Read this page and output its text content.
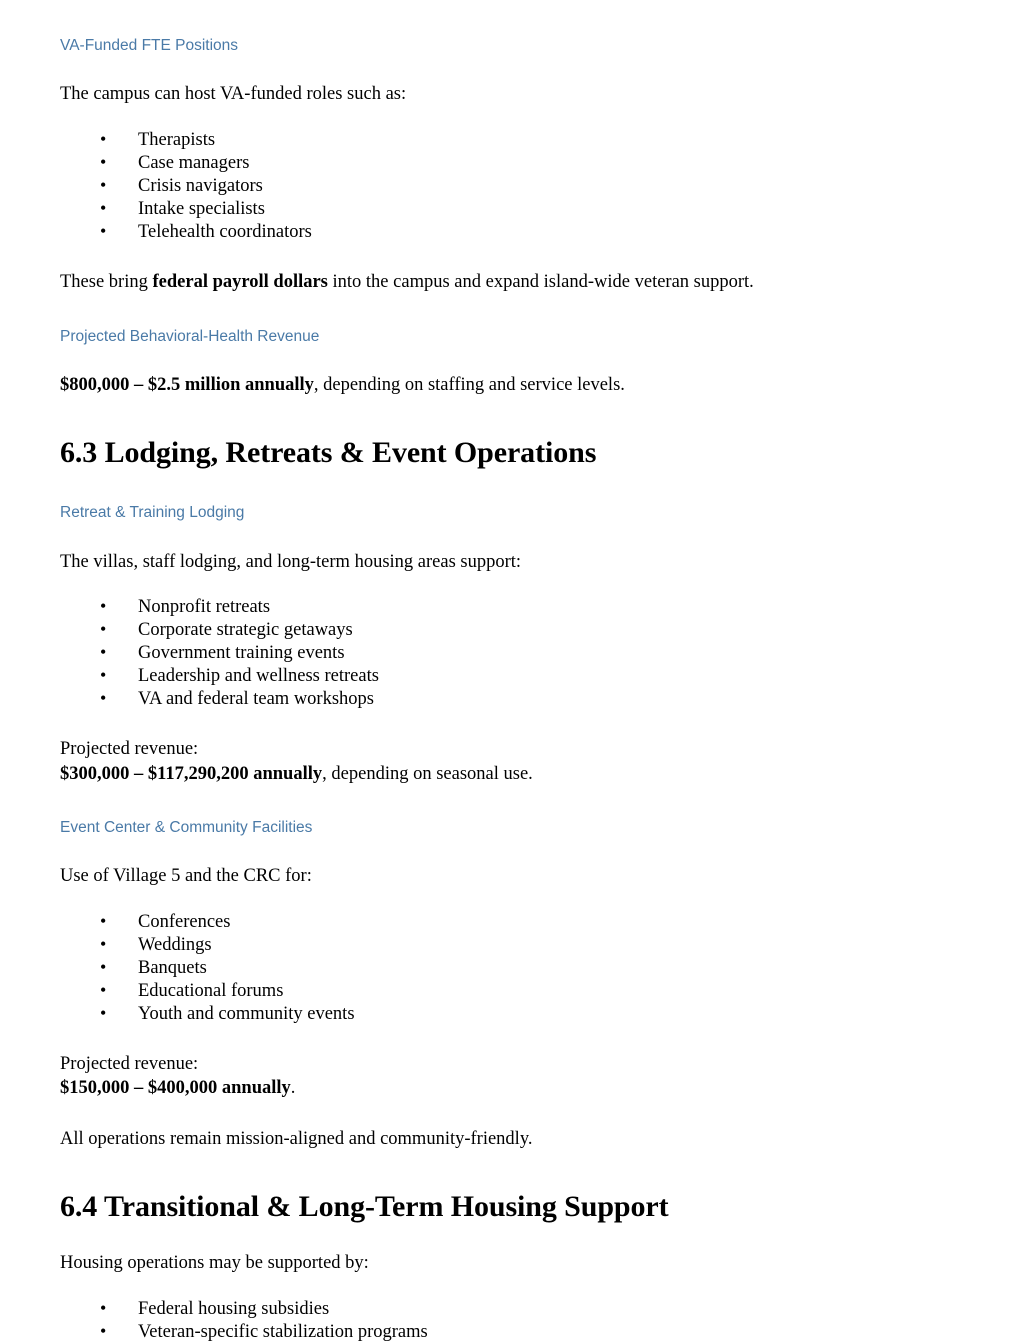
VA-Funded FTE Positions

The campus can host VA-funded roles such as:

• Therapists
• Case managers
• Crisis navigators
• Intake specialists
• Telehealth coordinators

These bring federal payroll dollars into the campus and expand island-wide veteran support.

Projected Behavioral-Health Revenue

$800,000 – $2.5 million annually, depending on staffing and service levels.

6.3 Lodging, Retreats & Event Operations
Retreat & Training Lodging

The villas, staff lodging, and long-term housing areas support:

• Nonprofit retreats
• Corporate strategic getaways
• Government training events
• Leadership and wellness retreats
• VA and federal team workshops

Projected revenue:
$300,000 – $117,290,200 annually, depending on seasonal use.

Event Center & Community Facilities

Use of Village 5 and the CRC for:

• Conferences
• Weddings
• Banquets
• Educational forums
• Youth and community events

Projected revenue:
$150,000 – $400,000 annually.

All operations remain mission-aligned and community-friendly.

6.4 Transitional & Long-Term Housing Support

Housing operations may be supported by:

• Federal housing subsidies
• Veteran-specific stabilization programs
